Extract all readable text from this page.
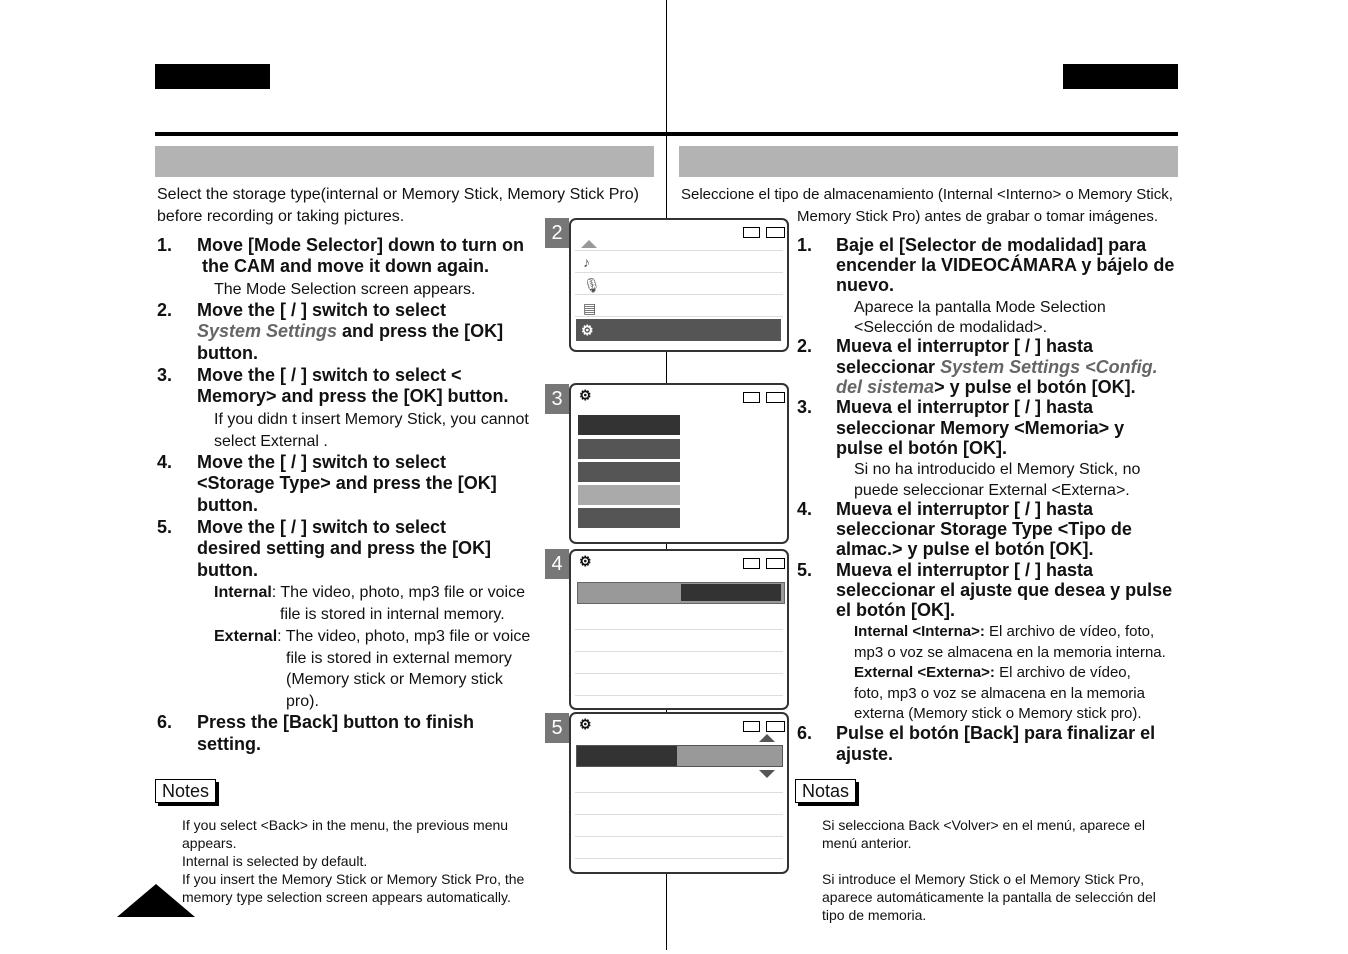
Select the storage type(internal or Memory Stick, Memory Stick Pro)
before recording or taking pictures.
1. Move [Mode Selector] down to turn on
the CAM and move it down again.
The Mode Selection screen appears.
2. Move the [ / ] switch to select
System Settings and press the [OK]
button.
3. Move the [ / ] switch to select <
Memory> and press the [OK] button.
If you didn t insert Memory Stick, you cannot
select External .
4. Move the [ / ] switch to select
<Storage Type> and press the [OK]
button.
5. Move the [ / ] switch to select
desired setting and press the [OK]
button.
Internal: The video, photo, mp3 file or voice
file is stored in internal memory.
External: The video, photo, mp3 file or voice
file is stored in external memory
(Memory stick or Memory stick
pro).
6. Press the [Back] button to finish
setting.
Notes
If you select <Back> in the menu, the previous menu
appears.
Internal is selected by default.
If you insert the Memory Stick or Memory Stick Pro, the
memory type selection screen appears automatically.
2
♪
🎙
▤
⚙
3	⚙
4	⚙
5	⚙
Seleccione el tipo de almacenamiento (Internal <Interno> o Memory Stick,
Memory Stick Pro) antes de grabar o tomar imágenes.
1. Baje el [Selector de modalidad] para
encender la VIDEOCÁMARA y bájelo de
nuevo.
Aparece la pantalla Mode Selection
<Selección de modalidad>.
2. Mueva el interruptor [ / ] hasta
seleccionar System Settings <Config.
del sistema> y pulse el botón [OK].
3. Mueva el interruptor [ / ] hasta
seleccionar Memory <Memoria> y
pulse el botón [OK].
Si no ha introducido el Memory Stick, no
puede seleccionar External <Externa>.
4. Mueva el interruptor [ / ] hasta
seleccionar Storage Type <Tipo de
almac.> y pulse el botón [OK].
5. Mueva el interruptor [ / ] hasta
seleccionar el ajuste que desea y pulse
el botón [OK].
Internal <Interna>: El archivo de vídeo, foto,
mp3 o voz se almacena en la memoria interna.
External <Externa>: El archivo de vídeo,
foto, mp3 o voz se almacena en la memoria
externa (Memory stick o Memory stick pro).
6. Pulse el botón [Back] para finalizar el
ajuste.
Notas
Si selecciona Back <Volver> en el menú, aparece el
menú anterior.
Si introduce el Memory Stick o el Memory Stick Pro,
aparece automáticamente la pantalla de selección del
tipo de memoria.
